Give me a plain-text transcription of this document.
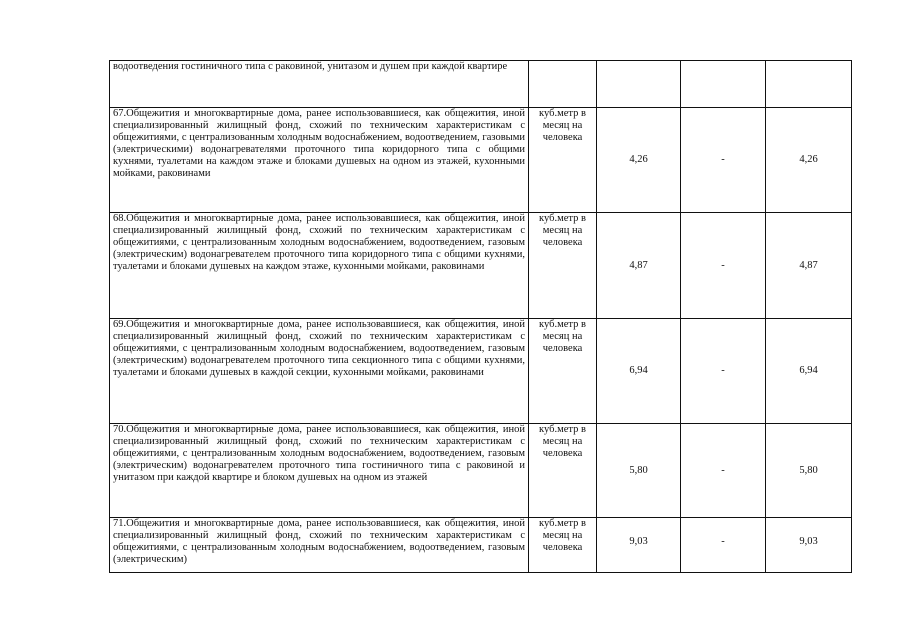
водоотведения гостиничного типа с раковиной, унитазом и душем при каждой квартире				
67.Общежития и многоквартирные дома, ранее использовавшиеся, как общежития, иной специализированный жилищный фонд, схожий по техническим характеристикам с общежитиями, с централизованным холодным водоснабжением, водоотведением, газовыми (электрическими) водонагревателями проточного типа коридорного типа с общими кухнями, туалетами на каждом этаже и блоками душевых на одном из этажей, кухонными мойками, раковинами	куб.метр в месяц на человека	4,26	-	4,26
68.Общежития и многоквартирные дома, ранее использовавшиеся, как общежития, иной специализированный жилищный фонд, схожий по техническим характеристикам с общежитиями, с централизованным холодным водоснабжением, водоотведением, газовым (электрическим) водонагревателем проточного типа коридорного типа с общими кухнями, туалетами и блоками душевых на каждом этаже, кухонными мойками, раковинами	куб.метр в месяц на человека	4,87	-	4,87
69.Общежития и многоквартирные дома, ранее использовавшиеся, как общежития, иной специализированный жилищный фонд, схожий по техническим характеристикам с общежитиями, с централизованным холодным водоснабжением, водоотведением, газовым (электрическим) водонагревателем проточного типа секционного типа с общими кухнями, туалетами и блоками душевых в каждой секции, кухонными мойками, раковинами	куб.метр в месяц на человека	6,94	-	6,94
70.Общежития и многоквартирные дома, ранее использовавшиеся, как общежития, иной специализированный жилищный фонд, схожий по техническим характеристикам с общежитиями, с централизованным холодным водоснабжением, водоотведением, газовым (электрическим) водонагревателем проточного типа гостиничного типа с раковиной и унитазом при каждой квартире и блоком душевых на одном из этажей	куб.метр в месяц на человека	5,80	-	5,80
71.Общежития и многоквартирные дома, ранее использовавшиеся, как общежития, иной специализированный жилищный фонд, схожий по техническим характеристикам с общежитиями, с централизованным холодным водоснабжением, водоотведением, газовым (электрическим)	куб.метр в месяц на человека	9,03	-	9,03
